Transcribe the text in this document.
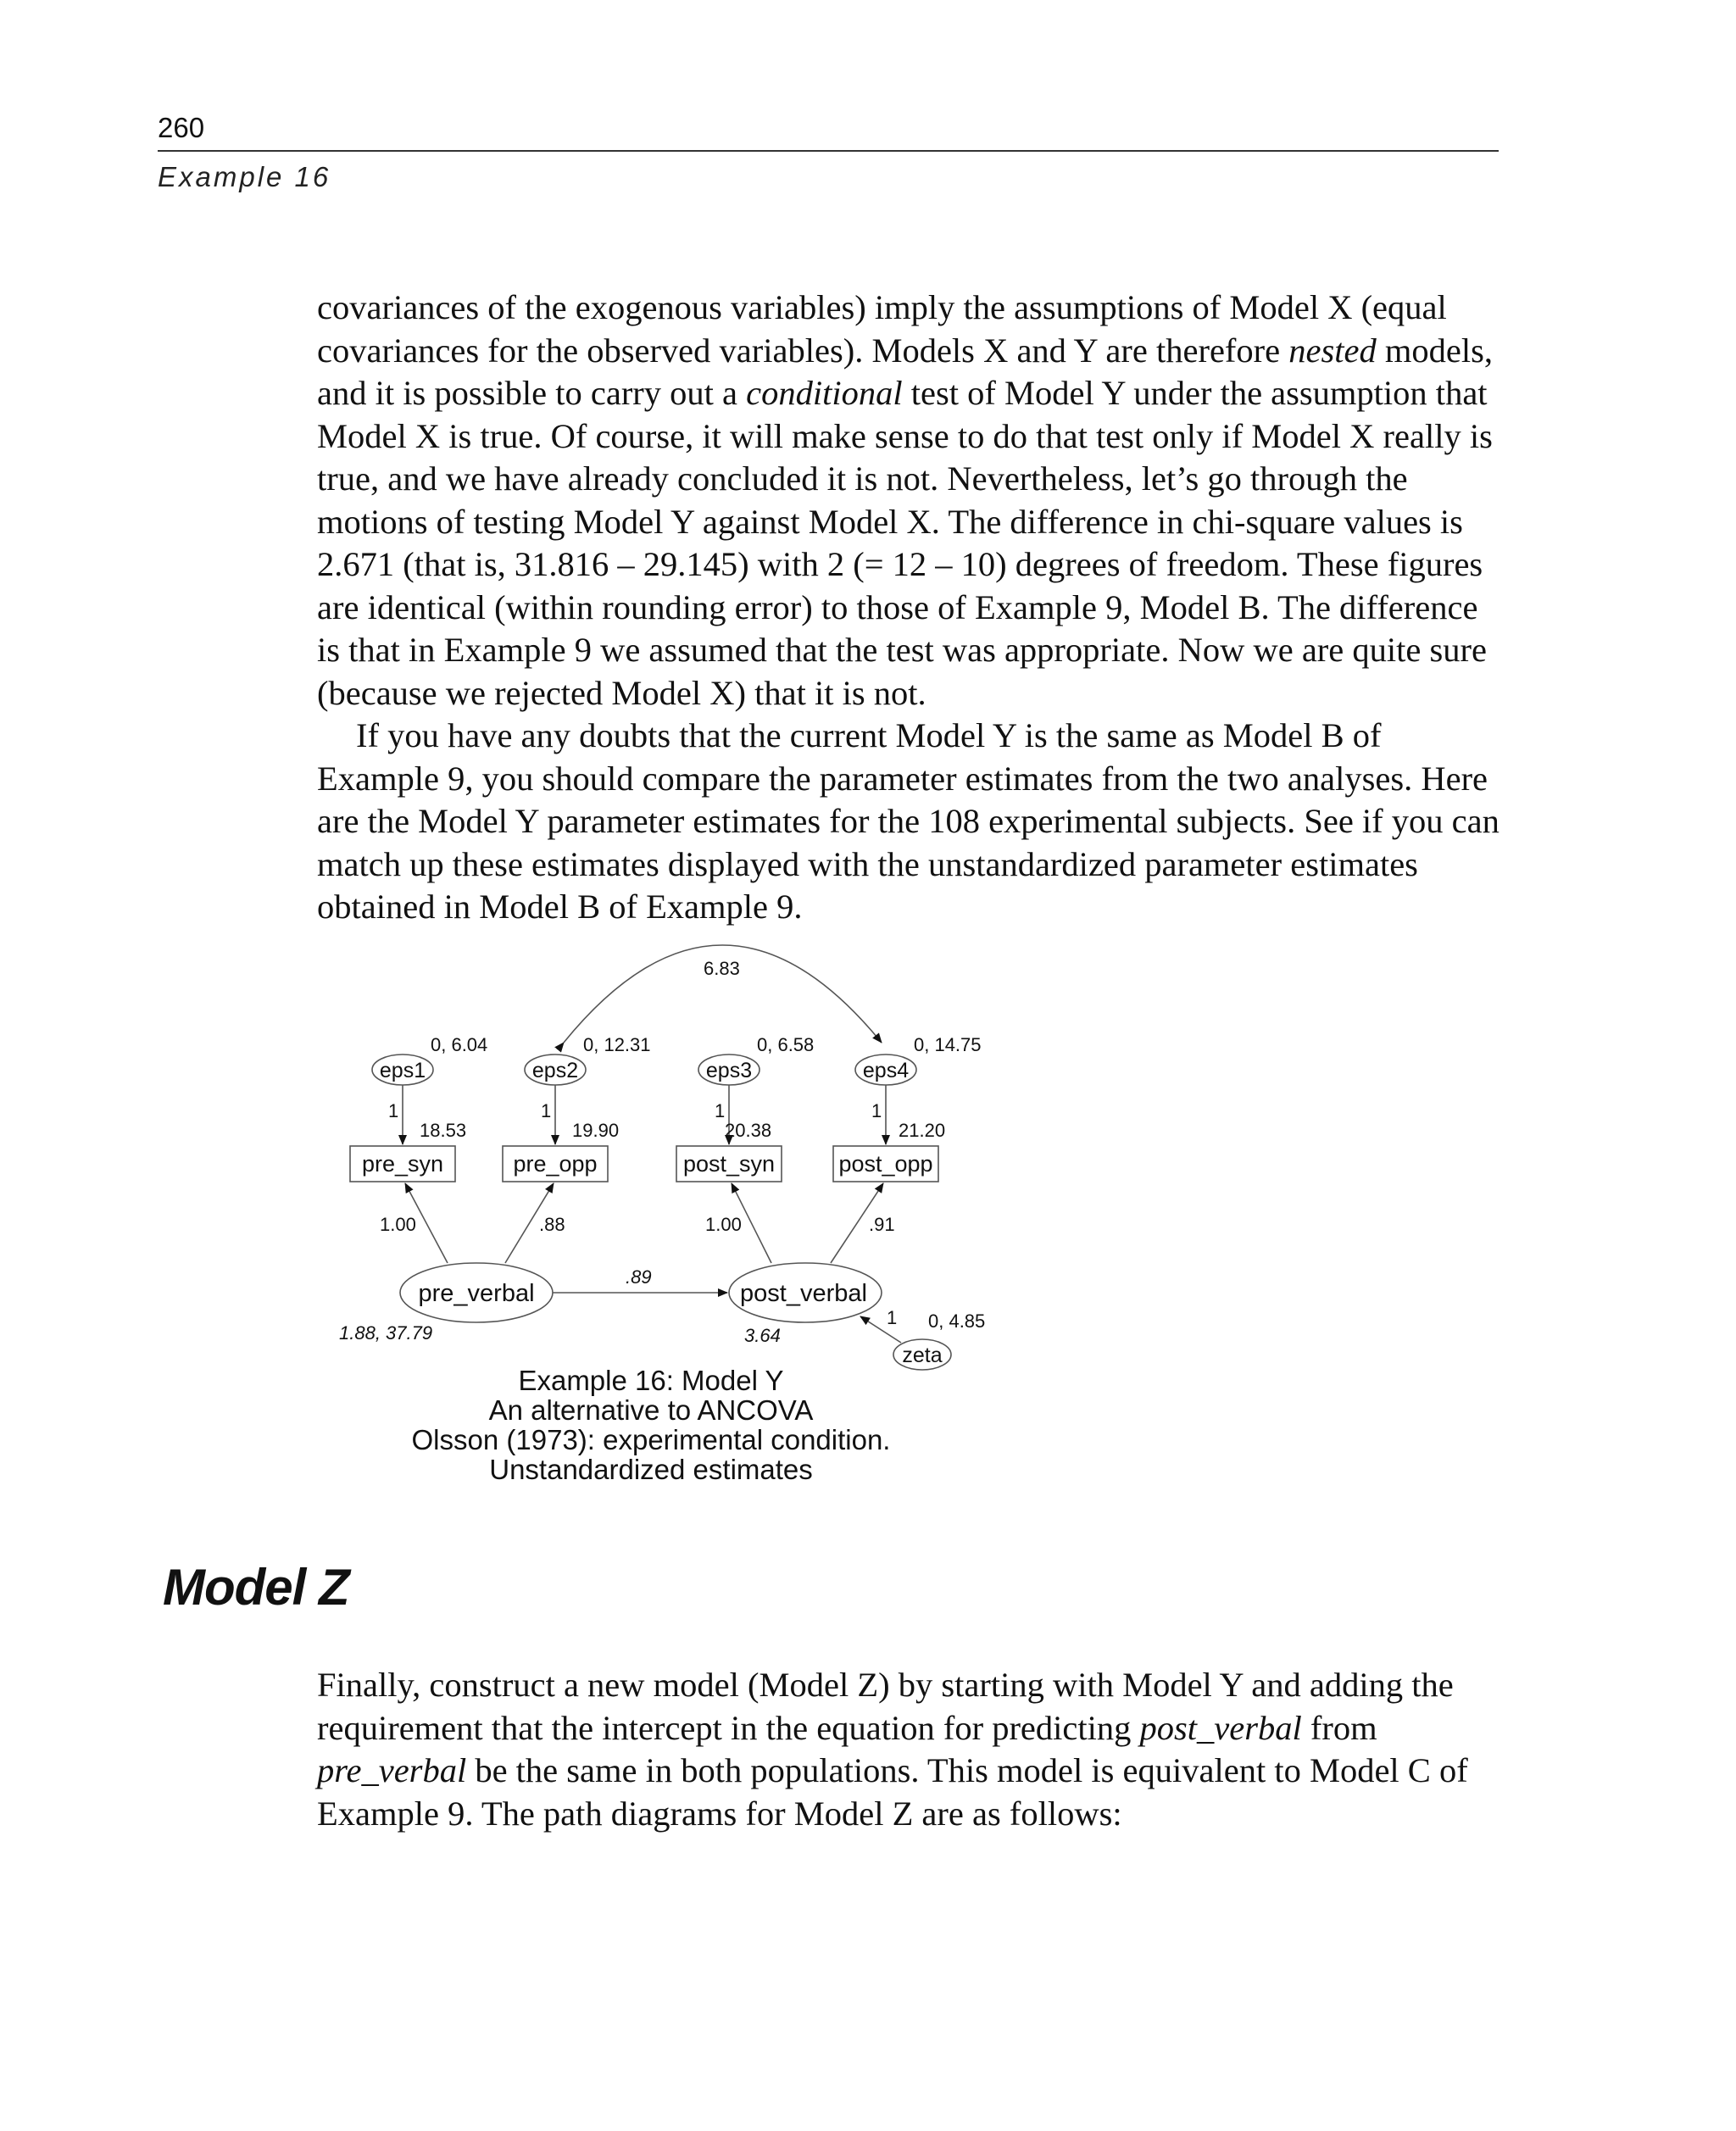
260
Example 16

covariances of the exogenous variables) imply the assumptions of Model X (equal covariances for the observed variables). Models X and Y are therefore nested models, and it is possible to carry out a conditional test of Model Y under the assumption that Model X is true. Of course, it will make sense to do that test only if Model X really is true, and we have already concluded it is not. Nevertheless, let’s go through the motions of testing Model Y against Model X. The difference in chi-square values is 2.671 (that is, 31.816 – 29.145) with 2 (= 12 – 10) degrees of freedom. These figures are identical (within rounding error) to those of Example 9, Model B. The difference is that in Example 9 we assumed that the test was appropriate. Now we are quite sure (because we rejected Model X) that it is not.

If you have any doubts that the current Model Y is the same as Model B of Example 9, you should compare the parameter estimates from the two analyses. Here are the Model Y parameter estimates for the 108 experimental subjects. See if you can match up these estimates displayed with the unstandardized parameter estimates obtained in Model B of Example 9.

6.83
0, 6.04	0, 12.31	0, 6.58	0, 14.75
eps1	eps2	eps3	eps4
1	1	1	1
18.53	19.90	20.38	21.20
pre_syn	pre_opp	post_syn	post_opp
1.00	.88	1.00	.91
.89
pre_verbal	post_verbal
1.88, 37.79	3.64
1 0, 4.85
zeta
Example 16: Model Y
An alternative to ANCOVA
Olsson (1973): experimental condition.
Unstandardized estimates
Model Z

Finally, construct a new model (Model Z) by starting with Model Y and adding the requirement that the intercept in the equation for predicting post_verbal from pre_verbal be the same in both populations. This model is equivalent to Model C of Example 9. The path diagrams for Model Z are as follows:
